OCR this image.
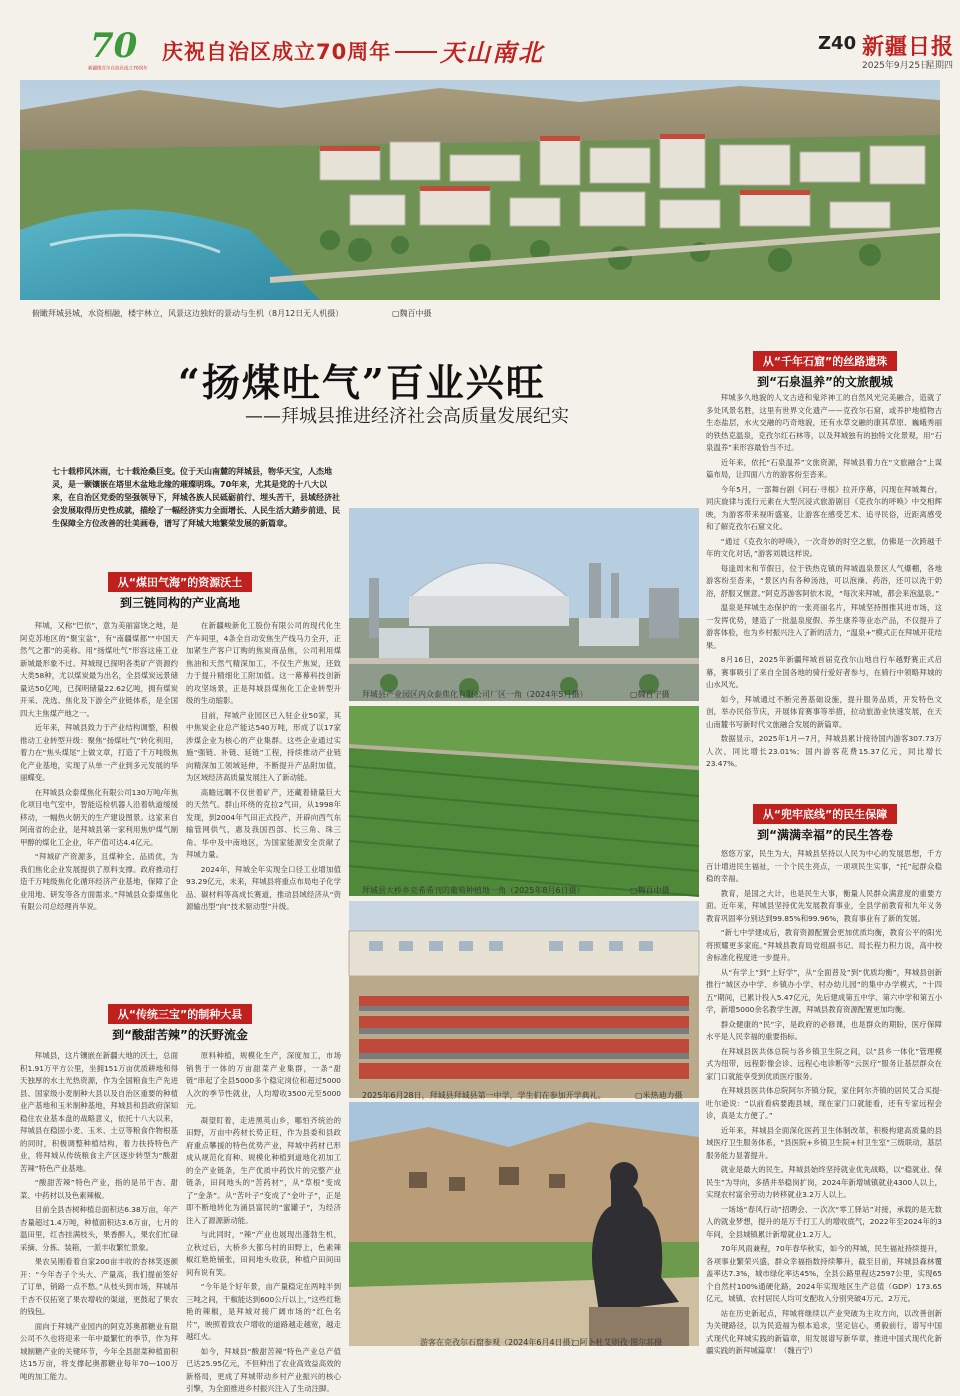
70
新疆维吾尔自治区成立70周年
庆祝自治区成立70周年 天山南北	Z40 新疆日报
2025年9月25日
星期四
俯瞰拜城县城，水资相融，楼宇林立，风景这边独好的景动与生机（8月12日无人机摄）	▢魏百中摄
“扬煤吐气”百业兴旺
——拜城县推进经济社会高质量发展纪实
七十载栉风沐雨，七十载沧桑巨变。位于天山南麓的拜城县，物华天宝，人杰地灵，是一颗镶嵌在塔里木盆地北缘的璀璨明珠。70年来，尤其是党的十八大以来，在自治区党委的坚强领导下，拜城各族人民砥砺前行、埋头苦干，县域经济社会发展取得历史性成就，描绘了一幅经济实力全面增长、人民生活大踏步前进、民生保障全方位改善的壮美画卷，谱写了拜城大地繁荣发展的新篇章。
从“煤田气海”的资源沃土
到三链同构的产业高地

拜城，又称“巴依”，意为美丽富饶之地，是阿克苏地区的“聚宝盆”，有“南疆煤都”“中国天然气之都”的美称。用“扬煤吐气”形容这座工业新城最形象不过。拜城现已探明各类矿产资源约大类58种，尤以煤炭最为出名，全县煤炭远景储量达50亿吨，已探明储量22.62亿吨，拥有煤炭开采、洗选、焦化及下游全产业链体系，是全国四大主焦煤产地之一。

近年来，拜城县致力于产业结构调整，积极推动工业转型升级：聚焦“扬煤吐气”转化利用，着力在“焦头煤尾”上做文章，打造了千万吨级焦化产业基地，实现了从单一产业到多元发展的华丽蝶变。

在拜城县众泰煤焦化有限公司130万吨/年焦化项目电气室中，智能巡检机器人沿着轨道缓缓移动，一幅热火朝天的生产建设图景。这家来自阿南省的企业，是拜城县第一家利用焦炉煤气制甲醇的煤化工企业，年产值可达4.4亿元。

“拜城矿产资源多，且煤种全、品质优，为我们焦化企业发展提供了原料支撑。政府推动打造千万吨级焦化化循环经济产业基地，保障了企业用地、研发等各方面需求。”拜城县众泰煤焦化有限公司总经理肖华说。

在新疆峻新化工股份有限公司的现代化生产车间里，4条全自动安焦生产线马力全开，正加紧生产客户订购的焦炭商品焦，公司利用煤焦油和天然气精深加工，不仅生产焦炭，还致力于提升精细化工附加值。这一幕幕科技创新的攻坚场景，正是拜城县煤焦化工企业转型升级的生动缩影。

目前，拜城产业园区已入驻企业50家，其中焦炭企业总产能达540万吨，形成了以17家涉煤企业为核心的产业集群。这些企业通过实施“强链、补链、延链”工程，持续推动产业链向精深加工领域延伸，不断提升产品附加值，为区域经济高质量发展注入了新动能。

高瞻远瞩不仅世着矿产，还藏着储量巨大的天然气。群山环绕的克拉2气田，从1998年发现，到2004年气田正式投产，开辟向西气东输管网供气，惠及我国西部、长三角、珠三角、华中及中南地区，为国家能源安全贡献了拜城力量。

2024年，拜城全年实现全口径工业增加值93.29亿元，未来，拜城县将重点布局电子化学品、碳材料等高成长赛道，推动县域经济从“资源输出型”向“技术驱动型”升级。

从“传统三宝”的制种大县
到“酸甜苦辣”的沃野流金

拜城县，这片镶嵌在新疆大地的沃土，总面积1.91万平方公里，坐拥151万亩优质耕地和得天独厚的水土光热资源，作为全国粮食生产先进县、国家级小麦制种大县以及自治区重要的种植业产基地和玉米制种基地，拜城县和县政府深知稳住农业基本盘的战略意义，依托十八大以来，拜城县在稳固小麦、玉米、土豆等粮食作物根基的同时，积极调整种植结构，着力扶持特色产业，将拜城从传统粮食主产区逐步转型为“酸甜苦辣”特色产业基地。

“酸甜苦辣”特色产业，指的是吊干杏、甜菜、中药材以及色素辣椒。

目前全县杏树种植总面积达6.38万亩，年产杏量超过1.4万吨，种植面积达3.6万亩，七月的温田里，红杏挂满枝头，果香醉人，果农们忙碌采摘、分拣、装箱，一派丰收繁忙景象。

果农吴刚看着自家200亩丰收的杏林笑逐颜开：“今年杏子个头大、产量高，我们提前签好了订单，销路一点不愁。”从枝头到市场，拜城吊干杏不仅拓宽了果农增收的渠道，更鼓起了果农的钱包。

面向于拜城产业园内的阿克苏奥都糖业有限公司不久也将迎来一年中最繁忙的季节，作为拜城制糖产业的关键环节，今年全县甜菜种植面积达15万亩，将支撑起奥都糖业每年70—100万吨的加工能力。

原料种植，规模化生产，深度加工，市场销售于一体的万亩甜菜产业集群，一条“甜链”串起了全县5000多个稳定岗位和超过5000人次的季节性就业，人均增收3500元至5000元。

凝望盯着，走进黑英山乡，哪怕齐统治的田野，万亩中药材长势正旺，作为县委和县政府重点攀援的特色优势产业，拜城中药材已形成从规范化育种、规模化种植到道地化初加工的全产业链条，生产优质中药饮片的完整产业链条，田间地头的“苦药材”，从“草根”变成了“金条”。从“苦叶子”变成了“金叶子”，正是即不断地转化为涌县富民的“蜜罐子”，为经济注入了源源新动能。

与此同时，“辣”产业也展现出蓬勃生机，立秋过后，大桥乡大都乌村的田野上，色素辣椒红艳艳铺张，田间地头收获，种植户田间田间有说有笑。

“今年是个好年景，亩产量稳定在两吨半到三吨之间，干椒能达到600公斤以上，”这些红艳艳的辣椒，是拜城对接广阔市场的“红色名片”，映照着致农户增收的道路越走越宽，越走越红火。

如今，拜城县“酸甜苦辣”特色产业总产值已达25.95亿元，不但种出了农业高效益高效的新格局，更成了拜城带动乡村产业振兴的核心引擎，为全面推进乡村振兴注入了生动注脚。

拜城县产业园区内众泰焦化有限公司厂区一角（2024年5月摄）	▢魏百宁摄
拜城县大桥乡克希希刊的葡萄种植地一角（2025年8月6日摄）	▢魏百中摄
2025年6月28日，拜城县拜城县第一中学，学生们在参加开学典礼。	▢米热迪力摄
游客在克孜尔石窟参观（2024年6月4日摄）
▢阿卜杜艾则孜·图尔荪摄
从“千年石窟”的丝路遗珠
到“石泉温养”的文旅靓城

拜城多久地貌的人文古迹和鬼斧神工的自然风光完美融合，造就了多处风景名胜，这里有世界文化遗产——克孜尔石窟，或养护地植物古生态盐层，水火交融的巧奇地貌，还有水草交融的康其草原、巍峨秀丽的铁热克温泉，克孜尔红石林等，以及拜城独有的独特文化景观，用“石泉温养”来形容最恰当不过。

近年来，依托“石泉温养”文旅资源，拜城县着力在“文旅融合”上谋篇布局，让四面八方的游客纷至沓来。

今年5月，一部舞台剧《问石·寻根》拉开序幕，闪现在拜城舞台，同庆旋律与流行元素在大型沉浸式旅游剧目《克孜尔的呼唤》中交相辉映，为游客带来视听盛宴，让游客在感受艺术、追寻民俗，近距离感受和了解克孜尔石窟文化。

“通过《克孜尔的呼唤》，一次奇妙的时空之旅，仿佛是一次跨越千年的文化对话，”游客刘晨这样说。

每逢周末和节假日，位于铁热克镇的拜城温泉景区人气爆棚，各地游客纷至沓来，“景区内有各种汤池，可以泡澡、药浴，还可以洗干奶浴，舒服又惬意。”阿克苏游客阿依木说，“每次来拜城，都会来泡温泉。”

温泉是拜城生态保护的一张亮丽名片，拜城坚持围推其进市场，这一发挥优势，建造了一批温泉度假、养生康养等业态产品，不仅提升了游客体验，也为乡村振兴注入了新的活力，“温泉+”模式正在拜城开花结果。

8月16日，2025年新疆拜城首届克孜尔山地自行车越野赛正式启幕，赛事吸引了来自全国各地的骑行爱好者参与，在骑行中领略拜城的山水风光。

如今，拜城通过不断完善基础设施，提升服务品质，开发特色文创，举办民俗节庆，开展体育赛事等举措，拉动旅游业快速发展，在天山南麓书写新时代文旅融合发展的新篇章。

数据显示，2025年1月—7月，拜城县累计接待国内游客307.73万人次，同比增长23.01%；国内游客花费15.37亿元，同比增长23.47%。

从“兜牢底线”的民生保障
到“满满幸福”的民生答卷

悠悠万家，民生为大，拜城县坚持以人民为中心的发展思想，千方百计增进民生福祉，一个个民生亮点，一项项民生实事，“托”起群众稳稳的幸福。

教育，是国之大计，也是民生大事，衡量人民群众满意度的重要方面。近年来，拜城县坚持优先发展教育事业，全县学前教育和九年义务教育巩固率分别达到99.85%和99.96%，教育事业有了新的发展。

“新七中学建成后，教育资源配置会更加优质均衡，教育公平的阳光将照耀更多家庭。”拜城县教育局党组副书记、局长程力积力说，高中校舍标准化程度进一步提升。

从“有学上”到“上好学”，从“全面普及”到“优质均衡”，拜城县创新推行“城区办中学、乡镇办小学、村办幼儿园”的集中办学模式，“十四五”期间，已累计投入5.47亿元，先后建成第五中学、第六中学和第五小学，新增5000余名教学生源，拜城县教育资源配置更加均衡。

群众健康的“民”字，是政府的必修课，也是群众的期盼，医疗保障水平是人民幸福的重要指标。

在拜城县医共体总院与各乡镇卫生院之间，以“县乡一体化”管理模式为纽带，远程影像会诊、远程心电诊断等“云医疗”服务让基层群众在家门口就能享受到优质医疗服务。

在拜城县医共体总院阿尔齐镇分院，家住阿尔齐镇的居民艾合买提·吐尔逊说：“以前看病要跑县城，现在家门口就能看，还有专家远程会诊，真是太方便了。”

近年来，拜城县全面深化医药卫生体制改革，积极构建高质量的县域医疗卫生服务体系，“县医院+乡镇卫生院+村卫生室”三级联动，基层服务能力显著提升。

就业是最大的民生。拜城县始终坚持就业优先战略，以“稳就业、保民生”为导向，多措并举稳岗扩岗，2024年新增城镇就业4300人以上，实现农村富余劳动力转移就业3.2万人以上。

一场场“春风行动”招聘会、一次次“零工驿站”对接，承载的是无数人的就业梦想，提升的是万千打工人的增收底气，2022年至2024年的3年间，全县城镇累计新增就业1.2万人。

70年风雨兼程，70年春华秋实，如今的拜城，民生福祉持续提升，各项事业繁荣兴盛，群众幸福指数持续攀升，截至目前，拜城县森林覆盖率达7.3%，城市绿化率达45%，全县公路里程达2597公里，实现65个自然村100%通硬化路，2024年实现地区生产总值（GDP）173.65亿元，城镇、农村居民人均可支配收入分别突破4万元、2万元。

站在历史新起点，拜城将继续以产业突破为主攻方向，以改善创新为关键路径，以为民造福为根本追求，坚定信心，勇毅前行，谱写中国式现代化拜城实践的新篇章，用发展谱写新华章，推进中国式现代化新疆实践的新拜城篇章！（魏百宁）
